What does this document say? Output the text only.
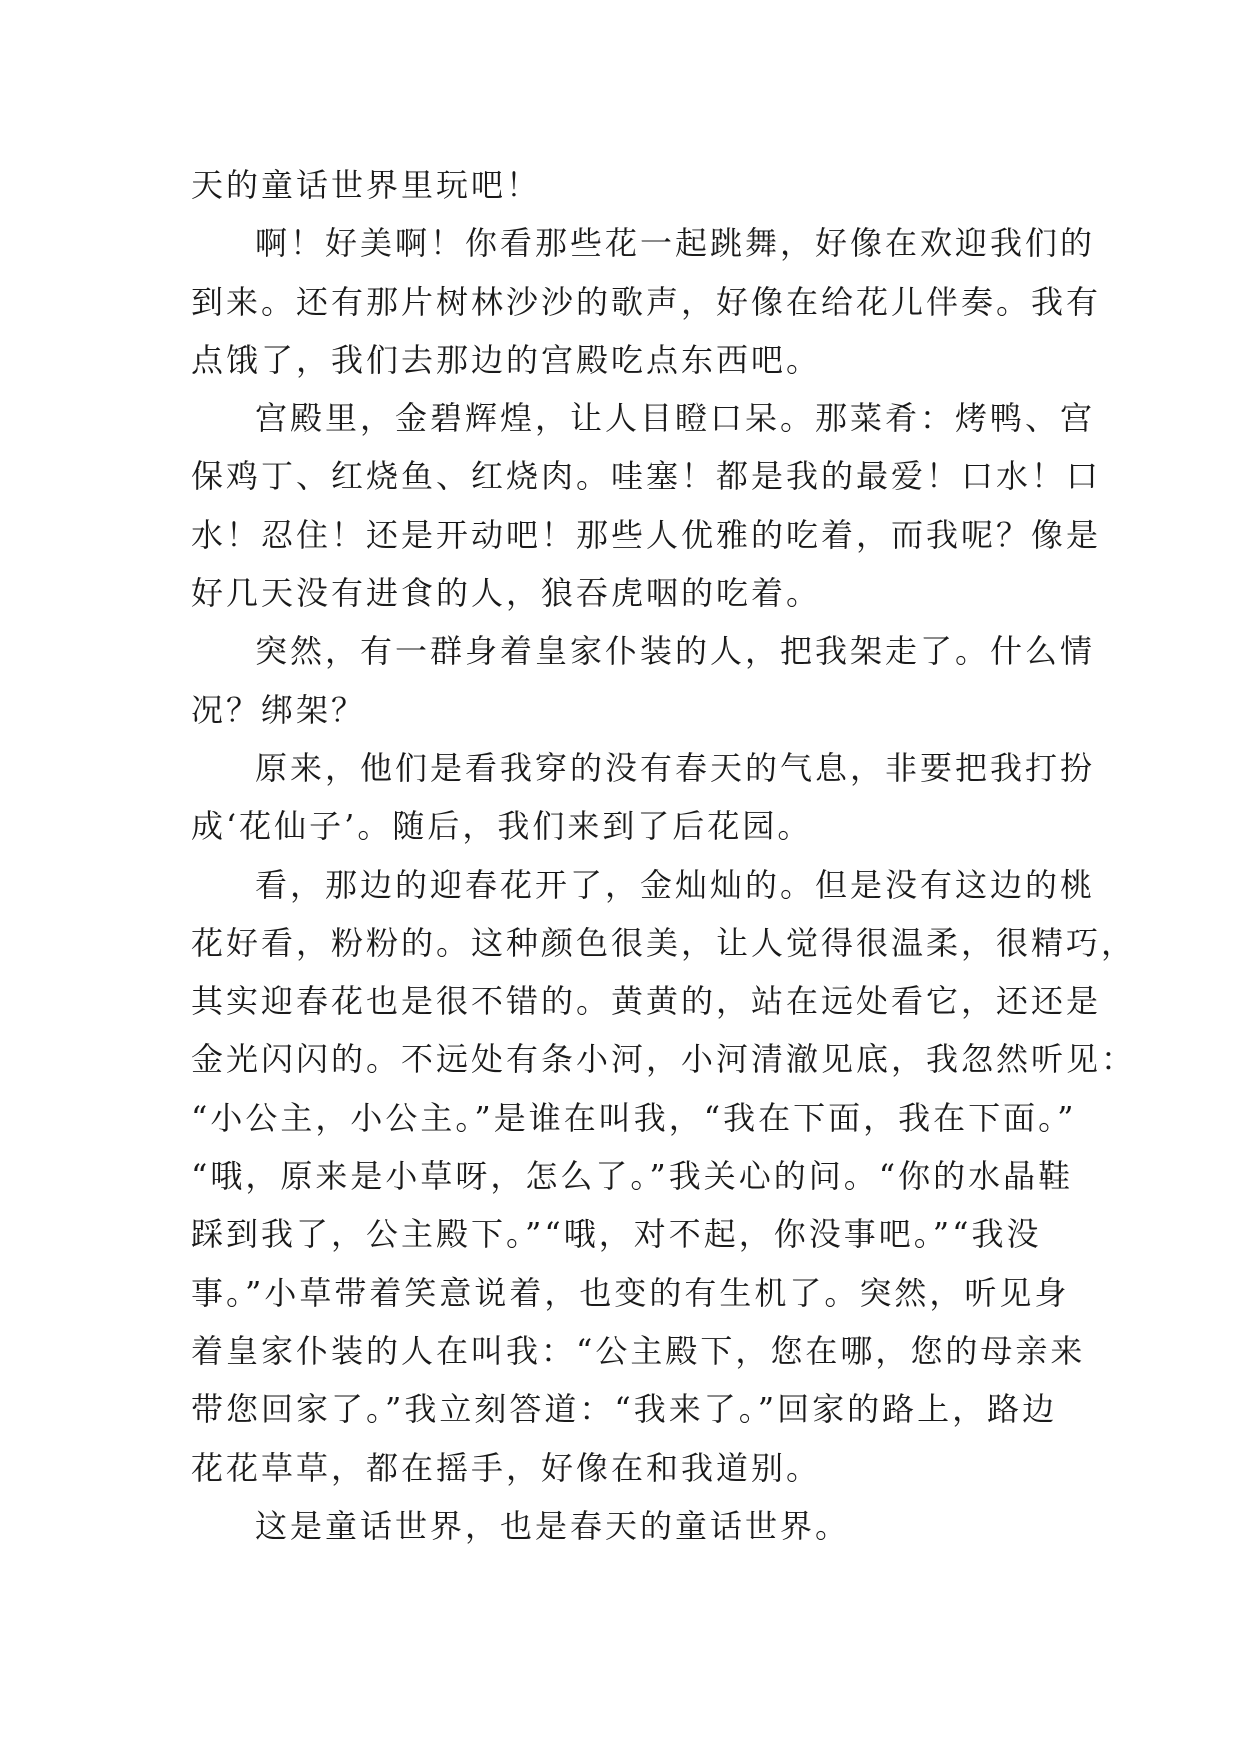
天的童话世界里玩吧！
啊！好美啊！你看那些花一起跳舞，好像在欢迎我们的
到来。还有那片树林沙沙的歌声，好像在给花儿伴奏。我有
点饿了，我们去那边的宫殿吃点东西吧。
宫殿里，金碧辉煌，让人目瞪口呆。那菜肴：烤鸭、宫
保鸡丁、红烧鱼、红烧肉。哇塞！都是我的最爱！口水！口
水！忍住！还是开动吧！那些人优雅的吃着，而我呢？像是
好几天没有进食的人，狼吞虎咽的吃着。
突然，有一群身着皇家仆装的人，把我架走了。什么情
况？绑架？
原来，他们是看我穿的没有春天的气息，非要把我打扮
成‘花仙子’。随后，我们来到了后花园。
看，那边的迎春花开了，金灿灿的。但是没有这边的桃
花好看，粉粉的。这种颜色很美，让人觉得很温柔，很精巧，
其实迎春花也是很不错的。黄黄的，站在远处看它，还还是
金光闪闪的。不远处有条小河，小河清澈见底，我忽然听见：
“小公主，小公主。”是谁在叫我，“我在下面，我在下面。”
“哦，原来是小草呀，怎么了。”我关心的问。“你的水晶鞋
踩到我了，公主殿下。”“哦，对不起，你没事吧。”“我没
事。”小草带着笑意说着，也变的有生机了。突然，听见身
着皇家仆装的人在叫我：“公主殿下，您在哪，您的母亲来
带您回家了。”我立刻答道：“我来了。”回家的路上，路边
花花草草，都在摇手，好像在和我道别。
这是童话世界，也是春天的童话世界。
